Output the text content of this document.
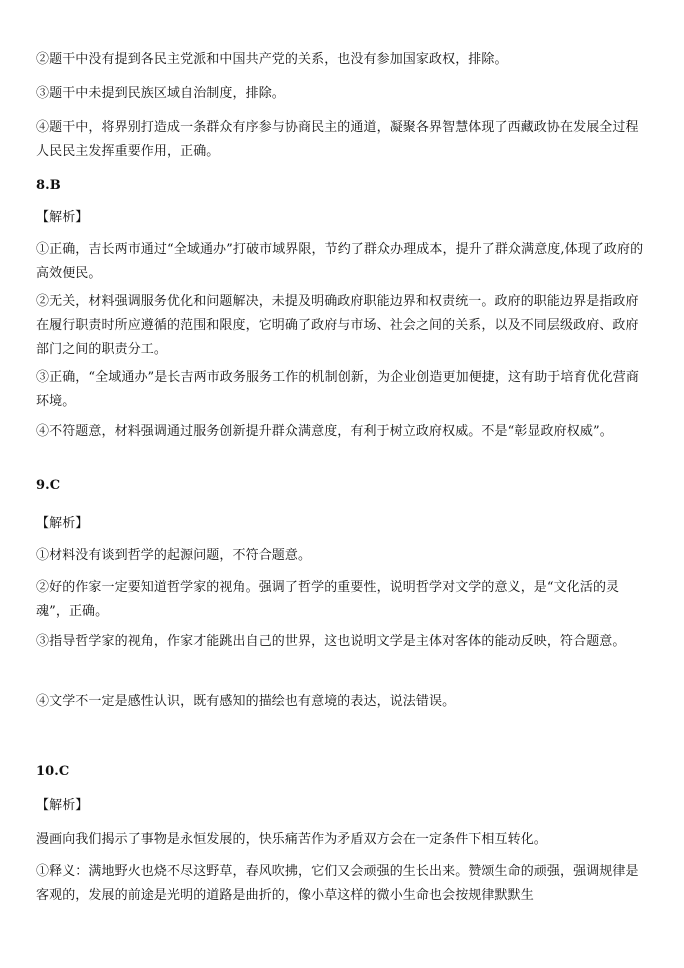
②题干中没有提到各民主党派和中国共产党的关系，也没有参加国家政权，排除。

③题干中未提到民族区域自治制度，排除。

④题干中，将界别打造成一条群众有序参与协商民主的通道，凝聚各界智慧体现了西藏政协在发展全过程人民民主发挥重要作用，正确。

8.B

【解析】

①正确，吉长两市通过“全域通办”打破市域界限，节约了群众办理成本，提升了群众满意度,体现了政府的高效便民。

②无关，材料强调服务优化和问题解决，未提及明确政府职能边界和权责统一。政府的职能边界是指政府在履行职责时所应遵循的范围和限度，它明确了政府与市场、社会之间的关系，以及不同层级政府、政府部门之间的职责分工。

③正确，“全域通办”是长吉两市政务服务工作的机制创新，为企业创造更加便捷，这有助于培育优化营商环境。

④不符题意，材料强调通过服务创新提升群众满意度，有利于树立政府权威。不是“彰显政府权威”。

9.C

【解析】

①材料没有谈到哲学的起源问题，不符合题意。

②好的作家一定要知道哲学家的视角。强调了哲学的重要性，说明哲学对文学的意义，是“文化活的灵魂”，正确。

③指导哲学家的视角，作家才能跳出自己的世界，这也说明文学是主体对客体的能动反映，符合题意。

④文学不一定是感性认识，既有感知的描绘也有意境的表达，说法错误。

10.C

【解析】

漫画向我们揭示了事物是永恒发展的，快乐痛苦作为矛盾双方会在一定条件下相互转化。

①释义：满地野火也烧不尽这野草，春风吹拂，它们又会顽强的生长出来。赞颂生命的顽强，强调规律是客观的，发展的前途是光明的道路是曲折的，像小草这样的微小生命也会按规律默默生
